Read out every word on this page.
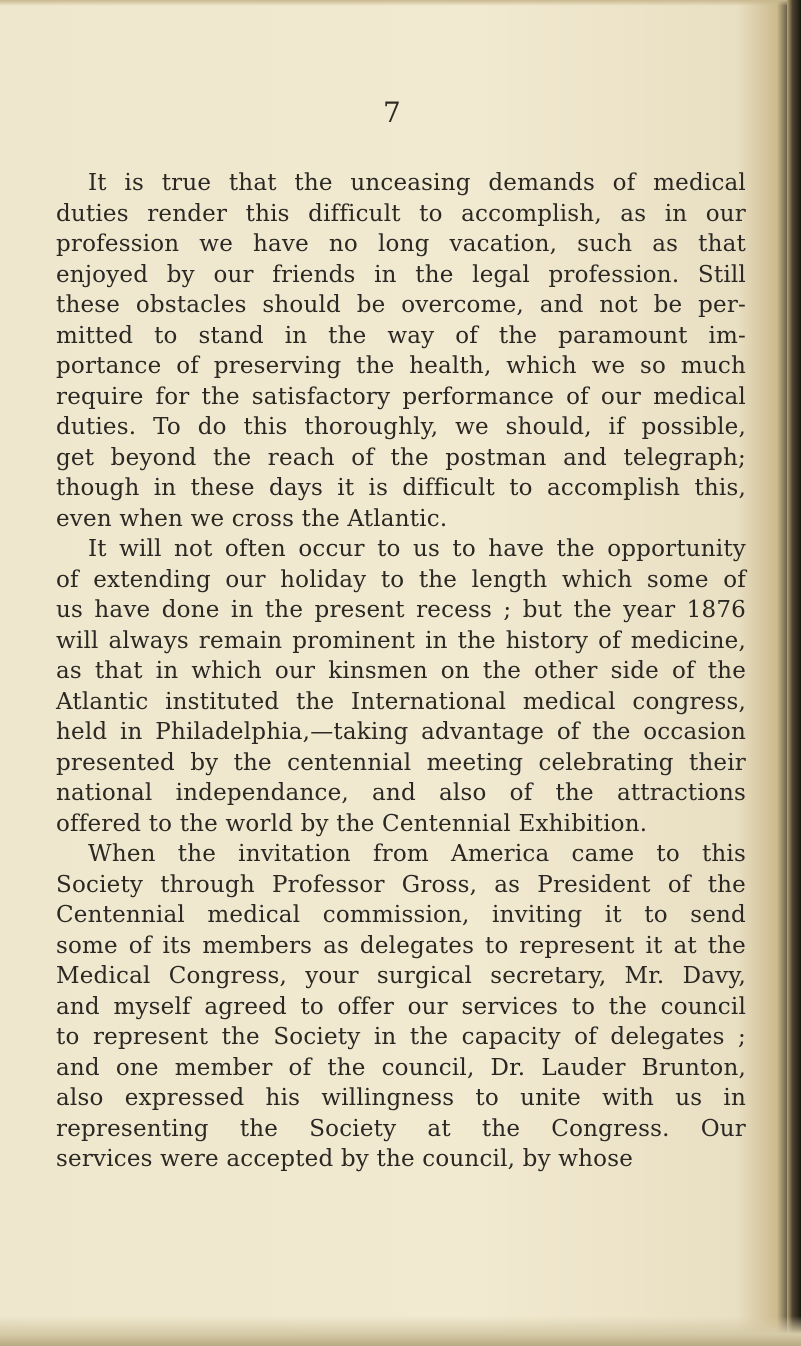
7
It is true that the unceasing demands of medical
duties render this difficult to accomplish, as in our
profession we have no long vacation, such as that
enjoyed by our friends in the legal profession. Still
these obstacles should be overcome, and not be per-
mitted to stand in the way of the paramount im-
portance of preserving the health, which we so much
require for the satisfactory performance of our medical
duties. To do this thoroughly, we should, if possible,
get beyond the reach of the postman and telegraph;
though in these days it is difficult to accomplish this,
even when we cross the Atlantic.
It will not often occur to us to have the opportunity
of extending our holiday to the length which some of
us have done in the present recess ; but the year 1876
will always remain prominent in the history of medicine,
as that in which our kinsmen on the other side of the
Atlantic instituted the International medical congress,
held in Philadelphia,—taking advantage of the occasion
presented by the centennial meeting celebrating their
national independance, and also of the attractions
offered to the world by the Centennial Exhibition.
When the invitation from America came to this
Society through Professor Gross, as President of the
Centennial medical commission, inviting it to send
some of its members as delegates to represent it at the
Medical Congress, your surgical secretary, Mr. Davy,
and myself agreed to offer our services to the council
to represent the Society in the capacity of delegates ;
and one member of the council, Dr. Lauder Brunton,
also expressed his willingness to unite with us in
representing the Society at the Congress. Our
services were accepted by the council, by whose
